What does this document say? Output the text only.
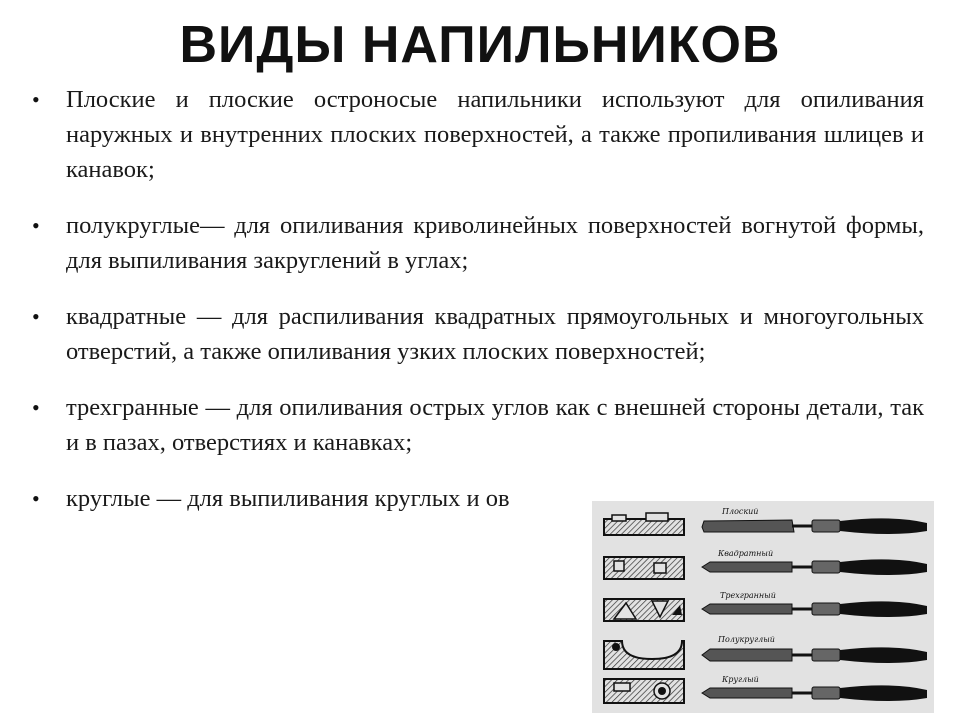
ВИДЫ НАПИЛЬНИКОВ
• Плоские и плоские остроносые напильники используют для опиливания наружных и внутренних плоских поверхностей, а также пропиливания шлицев и канавок;
• полукруглые— для опиливания криволинейных поверхностей вогнутой формы, для выпиливания закруглений в углах;
• квадратные — для распиливания квадратных прямоугольных и многоугольных отверстий, а также опиливания узких плоских поверхностей;
• трехгранные — для опиливания острых углов как с внешней стороны детали, так и в пазах, отверстиях и канавках;
• круглые — для выпиливания круглых и ов	Плоский
Квадратный
Трехгранный
Полукруглый
Круглый
